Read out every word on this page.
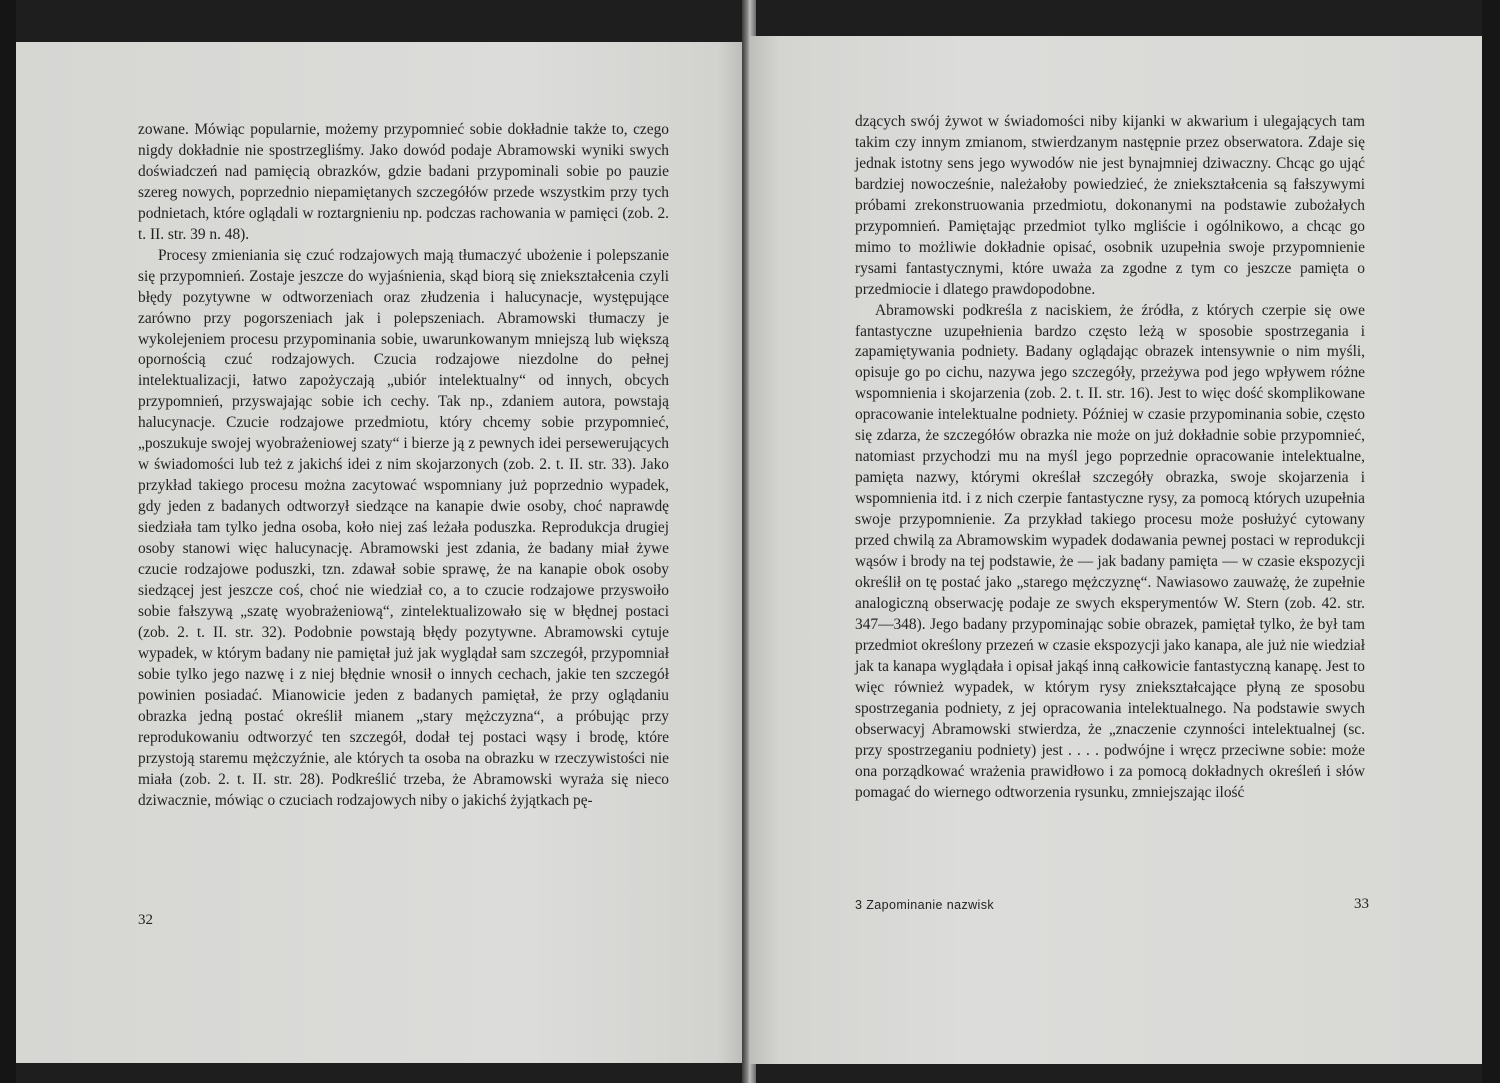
zowane. Mówiąc popularnie, możemy przypomnieć sobie dokładnie także to, czego nigdy dokładnie nie spostrzegliśmy. Jako dowód podaje Abramowski wyniki swych doświadczeń nad pamięcią obrazków, gdzie badani przypominali sobie po pauzie szereg nowych, poprzednio niepamiętanych szczegółów przede wszystkim przy tych podnietach, które oglądali w roztargnieniu np. podczas rachowania w pamięci (zob. 2. t. II. str. 39 n. 48).

Procesy zmieniania się czuć rodzajowych mają tłumaczyć ubożenie i polepszanie się przypomnień. Zostaje jeszcze do wyjaśnienia, skąd biorą się zniekształcenia czyli błędy pozytywne w odtworzeniach oraz złudzenia i halucynacje, występujące zarówno przy pogorszeniach jak i polepszeniach. Abramowski tłumaczy je wykolejeniem procesu przypominania sobie, uwarunkowanym mniejszą lub większą opornością czuć rodzajowych. Czucia rodzajowe niezdolne do pełnej intelektualizacji, łatwo zapożyczają „ubiór intelektualny“ od innych, obcych przypomnień, przyswajając sobie ich cechy. Tak np., zdaniem autora, powstają halucynacje. Czucie rodzajowe przedmiotu, który chcemy sobie przypomnieć, „poszukuje swojej wyobrażeniowej szaty“ i bierze ją z pewnych idei persewerujących w świadomości lub też z jakichś idei z nim skojarzonych (zob. 2. t. II. str. 33). Jako przykład takiego procesu można zacytować wspomniany już poprzednio wypadek, gdy jeden z badanych odtworzył siedzące na kanapie dwie osoby, choć naprawdę siedziała tam tylko jedna osoba, koło niej zaś leżała poduszka. Reprodukcja drugiej osoby stanowi więc halucynację. Abramowski jest zdania, że badany miał żywe czucie rodzajowe poduszki, tzn. zdawał sobie sprawę, że na kanapie obok osoby siedzącej jest jeszcze coś, choć nie wiedział co, a to czucie rodzajowe przyswoiło sobie fałszywą „szatę wyobrażeniową“, zintelektualizowało się w błędnej postaci (zob. 2. t. II. str. 32). Podobnie powstają błędy pozytywne. Abramowski cytuje wypadek, w którym badany nie pamiętał już jak wyglądał sam szczegół, przypomniał sobie tylko jego nazwę i z niej błędnie wnosił o innych cechach, jakie ten szczegół powinien posiadać. Mianowicie jeden z badanych pamiętał, że przy oglądaniu obrazka jedną postać określił mianem „stary mężczyzna“, a próbując przy reprodukowaniu odtworzyć ten szczegół, dodał tej postaci wąsy i brodę, które przystoją staremu mężczyźnie, ale których ta osoba na obrazku w rzeczywistości nie miała (zob. 2. t. II. str. 28). Podkreślić trzeba, że Abramowski wyraża się nieco dziwacznie, mówiąc o czuciach rodzajowych niby o jakichś żyjątkach pę-

32

dzących swój żywot w świadomości niby kijanki w akwarium i ulegających tam takim czy innym zmianom, stwierdzanym następnie przez obserwatora. Zdaje się jednak istotny sens jego wywodów nie jest bynajmniej dziwaczny. Chcąc go ująć bardziej nowocześnie, należałoby powiedzieć, że zniekształcenia są fałszywymi próbami zrekonstruowania przedmiotu, dokonanymi na podstawie zubożałych przypomnień. Pamiętając przedmiot tylko mgliście i ogólnikowo, a chcąc go mimo to możliwie dokładnie opisać, osobnik uzupełnia swoje przypomnienie rysami fantastycznymi, które uważa za zgodne z tym co jeszcze pamięta o przedmiocie i dlatego prawdopodobne.

Abramowski podkreśla z naciskiem, że źródła, z których czerpie się owe fantastyczne uzupełnienia bardzo często leżą w sposobie spostrzegania i zapamiętywania podniety. Badany oglądając obrazek intensywnie o nim myśli, opisuje go po cichu, nazywa jego szczegóły, przeżywa pod jego wpływem różne wspomnienia i skojarzenia (zob. 2. t. II. str. 16). Jest to więc dość skomplikowane opracowanie intelektualne podniety. Później w czasie przypominania sobie, często się zdarza, że szczegółów obrazka nie może on już dokładnie sobie przypomnieć, natomiast przychodzi mu na myśl jego poprzednie opracowanie intelektualne, pamięta nazwy, którymi określał szczegóły obrazka, swoje skojarzenia i wspomnienia itd. i z nich czerpie fantastyczne rysy, za pomocą których uzupełnia swoje przypomnienie. Za przykład takiego procesu może posłużyć cytowany przed chwilą za Abramowskim wypadek dodawania pewnej postaci w reprodukcji wąsów i brody na tej podstawie, że — jak badany pamięta — w czasie ekspozycji określił on tę postać jako „starego mężczyznę“. Nawiasowo zauważę, że zupełnie analogiczną obserwację podaje ze swych eksperymentów W. Stern (zob. 42. str. 347—348). Jego badany przypominając sobie obrazek, pamiętał tylko, że był tam przedmiot określony przezeń w czasie ekspozycji jako kanapa, ale już nie wiedział jak ta kanapa wyglądała i opisał jakąś inną całkowicie fantastyczną kanapę. Jest to więc również wypadek, w którym rysy zniekształcające płyną ze sposobu spostrzegania podniety, z jej opracowania intelektualnego. Na podstawie swych obserwacyj Abramowski stwierdza, że „znaczenie czynności intelektualnej (sc. przy spostrzeganiu podniety) jest . . . . podwójne i wręcz przeciwne sobie: może ona porządkować wrażenia prawidłowo i za pomocą dokładnych określeń i słów pomagać do wiernego odtworzenia rysunku, zmniejszając ilość

3 Zapominanie nazwisk	33
